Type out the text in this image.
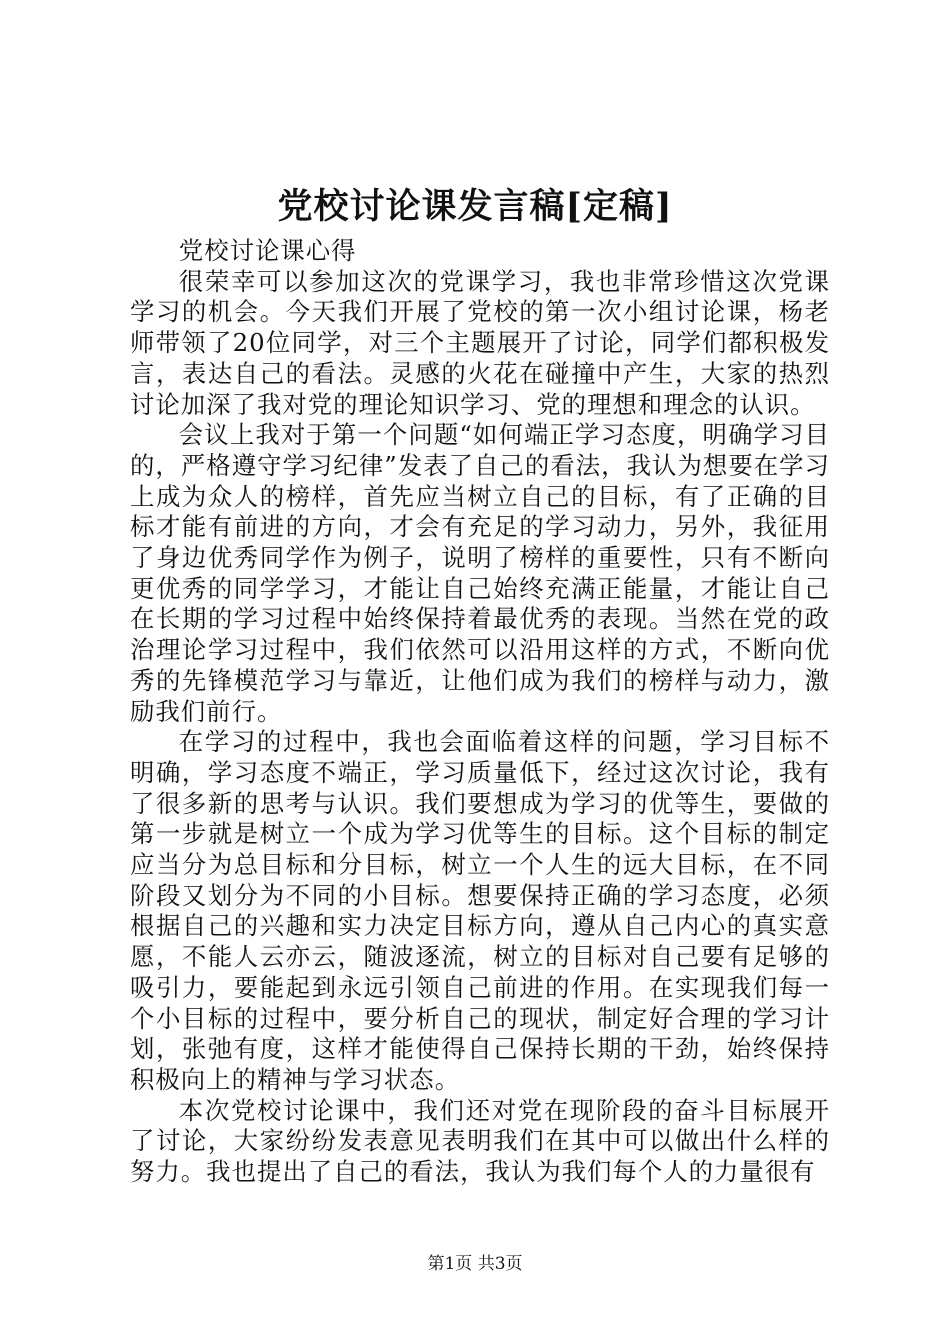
党校讨论课发言稿[定稿]

党校讨论课心得

很荣幸可以参加这次的党课学习，我也非常珍惜这次党课学习的机会。今天我们开展了党校的第一次小组讨论课，杨老师带领了20位同学，对三个主题展开了讨论，同学们都积极发言，表达自己的看法。灵感的火花在碰撞中产生，大家的热烈讨论加深了我对党的理论知识学习、党的理想和理念的认识。

会议上我对于第一个问题“如何端正学习态度，明确学习目的，严格遵守学习纪律”发表了自己的看法，我认为想要在学习上成为众人的榜样，首先应当树立自己的目标，有了正确的目标才能有前进的方向，才会有充足的学习动力，另外，我征用了身边优秀同学作为例子，说明了榜样的重要性，只有不断向更优秀的同学学习，才能让自己始终充满正能量，才能让自己在长期的学习过程中始终保持着最优秀的表现。当然在党的政治理论学习过程中，我们依然可以沿用这样的方式，不断向优秀的先锋模范学习与靠近，让他们成为我们的榜样与动力，激励我们前行。

在学习的过程中，我也会面临着这样的问题，学习目标不明确，学习态度不端正，学习质量低下，经过这次讨论，我有了很多新的思考与认识。我们要想成为学习的优等生，要做的第一步就是树立一个成为学习优等生的目标。这个目标的制定应当分为总目标和分目标，树立一个人生的远大目标，在不同阶段又划分为不同的小目标。想要保持正确的学习态度，必须根据自己的兴趣和实力决定目标方向，遵从自己内心的真实意愿，不能人云亦云，随波逐流，树立的目标对自己要有足够的吸引力，要能起到永远引领自己前进的作用。在实现我们每一个小目标的过程中，要分析自己的现状，制定好合理的学习计划，张弛有度，这样才能使得自己保持长期的干劲，始终保持积极向上的精神与学习状态。

本次党校讨论课中，我们还对党在现阶段的奋斗目标展开了讨论，大家纷纷发表意见表明我们在其中可以做出什么样的努力。我也提出了自己的看法，我认为我们每个人的力量很有

第1页 共3页
